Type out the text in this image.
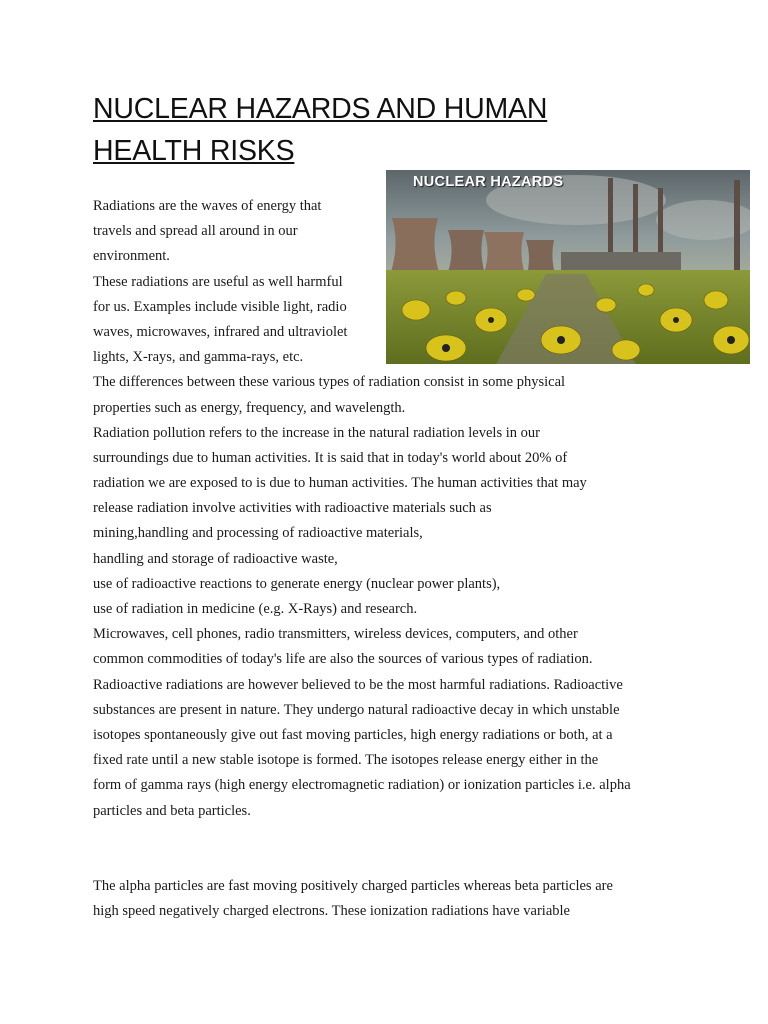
NUCLEAR HAZARDS AND HUMAN
HEALTH RISKS
NUCLEAR HAZARDS
Radiations are the waves of energy that
travels and spread all around in our
environment.
These radiations are useful as well harmful
for us. Examples include visible light, radio
waves, microwaves, infrared and ultraviolet
lights, X-rays, and gamma-rays, etc.
The differences between these various types of radiation consist in some physical
properties such as energy, frequency, and wavelength.
Radiation pollution refers to the increase in the natural radiation levels in our
surroundings due to human activities. It is said that in today's world about 20% of
radiation we are exposed to is due to human activities. The human activities that may
release radiation involve activities with radioactive materials such as
mining,handling and processing of radioactive materials,
handling and storage of radioactive waste,
use of radioactive reactions to generate energy (nuclear power plants),
use of radiation in medicine (e.g. X-Rays) and research.
Microwaves, cell phones, radio transmitters, wireless devices, computers, and other
common commodities of today's life are also the sources of various types of radiation.
Radioactive radiations are however believed to be the most harmful radiations. Radioactive
substances are present in nature. They undergo natural radioactive decay in which unstable
isotopes spontaneously give out fast moving particles, high energy radiations or both, at a
fixed rate until a new stable isotope is formed. The isotopes release energy either in the
form of gamma rays (high energy electromagnetic radiation) or ionization particles i.e. alpha
particles and beta particles.
The alpha particles are fast moving positively charged particles whereas beta particles are
high speed negatively charged electrons. These ionization radiations have variable
